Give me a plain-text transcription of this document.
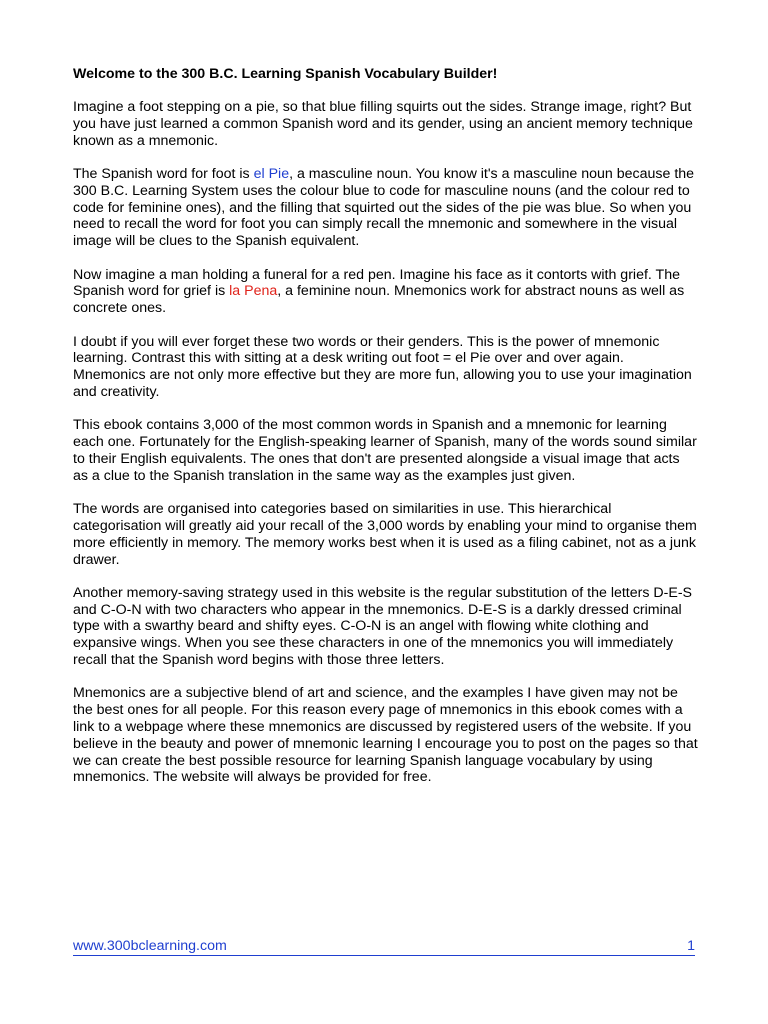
Welcome to the 300 B.C. Learning Spanish Vocabulary Builder!

Imagine a foot stepping on a pie, so that blue filling squirts out the sides. Strange image, right? But you have just learned a common Spanish word and its gender, using an ancient memory technique known as a mnemonic.

The Spanish word for foot is el Pie, a masculine noun. You know it's a masculine noun because the 300 B.C. Learning System uses the colour blue to code for masculine nouns (and the colour red to code for feminine ones), and the filling that squirted out the sides of the pie was blue. So when you need to recall the word for foot you can simply recall the mnemonic and somewhere in the visual image will be clues to the Spanish equivalent.

Now imagine a man holding a funeral for a red pen. Imagine his face as it contorts with grief. The Spanish word for grief is la Pena, a feminine noun. Mnemonics work for abstract nouns as well as concrete ones.

I doubt if you will ever forget these two words or their genders. This is the power of mnemonic learning. Contrast this with sitting at a desk writing out foot = el Pie over and over again. Mnemonics are not only more effective but they are more fun, allowing you to use your imagination and creativity.

This ebook contains 3,000 of the most common words in Spanish and a mnemonic for learning each one. Fortunately for the English-speaking learner of Spanish, many of the words sound similar to their English equivalents. The ones that don't are presented alongside a visual image that acts as a clue to the Spanish translation in the same way as the examples just given.

The words are organised into categories based on similarities in use. This hierarchical categorisation will greatly aid your recall of the 3,000 words by enabling your mind to organise them more efficiently in memory. The memory works best when it is used as a filing cabinet, not as a junk drawer.

Another memory-saving strategy used in this website is the regular substitution of the letters D-E-S and C-O-N with two characters who appear in the mnemonics. D-E-S is a darkly dressed criminal type with a swarthy beard and shifty eyes. C-O-N is an angel with flowing white clothing and expansive wings. When you see these characters in one of the mnemonics you will immediately recall that the Spanish word begins with those three letters.

Mnemonics are a subjective blend of art and science, and the examples I have given may not be the best ones for all people. For this reason every page of mnemonics in this ebook comes with a link to a webpage where these mnemonics are discussed by registered users of the website. If you believe in the beauty and power of mnemonic learning I encourage you to post on the pages so that we can create the best possible resource for learning Spanish language vocabulary by using mnemonics. The website will always be provided for free.

www.300bclearning.com	1
